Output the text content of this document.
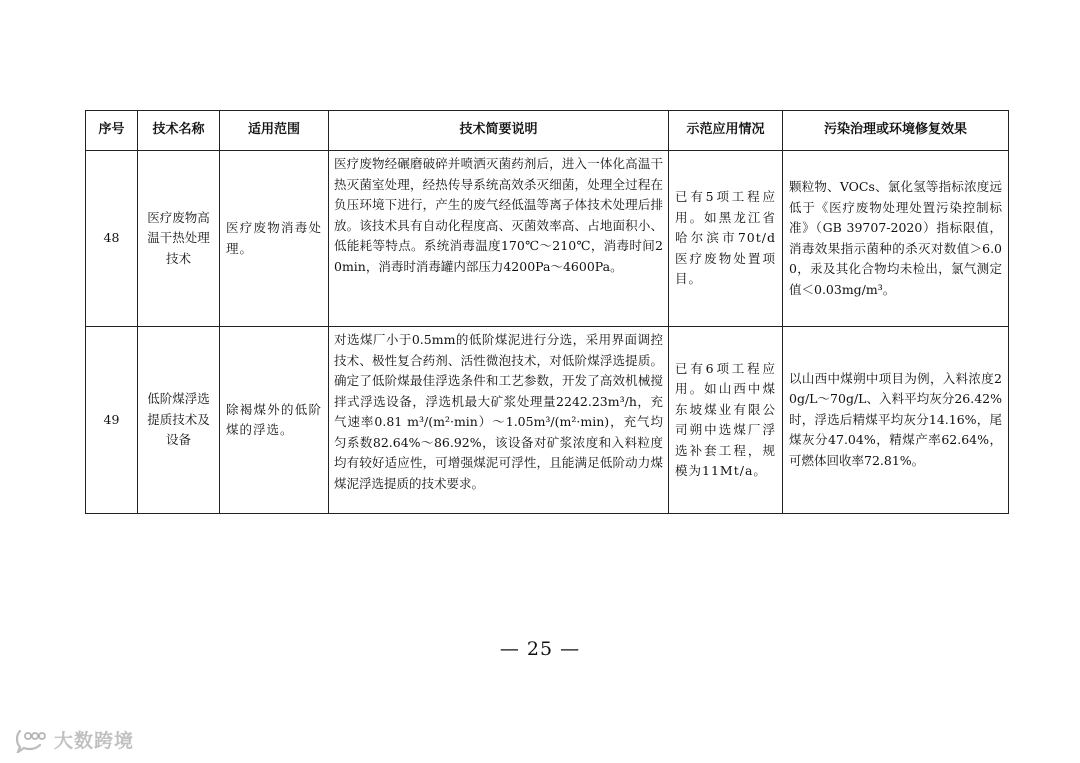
序号	技术名称	适用范围	技术简要说明	示范应用情况	污染治理或环境修复效果
48	医疗废物高温干热处理技术	医疗废物消毒处理。	医疗废物经碾磨破碎并喷洒灭菌药剂后，进入一体化高温干热灭菌室处理，经热传导系统高效杀灭细菌，处理全过程在负压环境下进行，产生的废气经低温等离子体技术处理后排放。该技术具有自动化程度高、灭菌效率高、占地面积小、低能耗等特点。系统消毒温度170℃～210℃，消毒时间20min，消毒时消毒罐内部压力4200Pa～4600Pa。	已有5项工程应用。如黑龙江省哈尔滨市70t/d医疗废物处置项目。	颗粒物、VOCs、氯化氢等指标浓度远低于《医疗废物处理处置污染控制标准》（GB 39707-2020）指标限值，消毒效果指示菌种的杀灭对数值＞6.00，汞及其化合物均未检出，氯气测定值＜0.03mg/m³。
49	低阶煤浮选提质技术及设备	除褐煤外的低阶煤的浮选。	对选煤厂小于0.5mm的低阶煤泥进行分选，采用界面调控技术、极性复合药剂、活性微泡技术，对低阶煤浮选提质。确定了低阶煤最佳浮选条件和工艺参数，开发了高效机械搅拌式浮选设备，浮选机最大矿浆处理量2242.23m³/h，充气速率0.81 m³/(m²·min）～1.05m³/(m²·min)，充气均匀系数82.64%～86.92%，该设备对矿浆浓度和入料粒度均有较好适应性，可增强煤泥可浮性，且能满足低阶动力煤煤泥浮选提质的技术要求。	已有6项工程应用。如山西中煤东坡煤业有限公司朔中选煤厂浮选补套工程，规模为11Mt/a。	以山西中煤朔中项目为例，入料浓度20g/L～70g/L、入料平均灰分26.42%时，浮选后精煤平均灰分14.16%，尾煤灰分47.04%，精煤产率62.64%，可燃体回收率72.81%。
— 25 —
大数跨境
